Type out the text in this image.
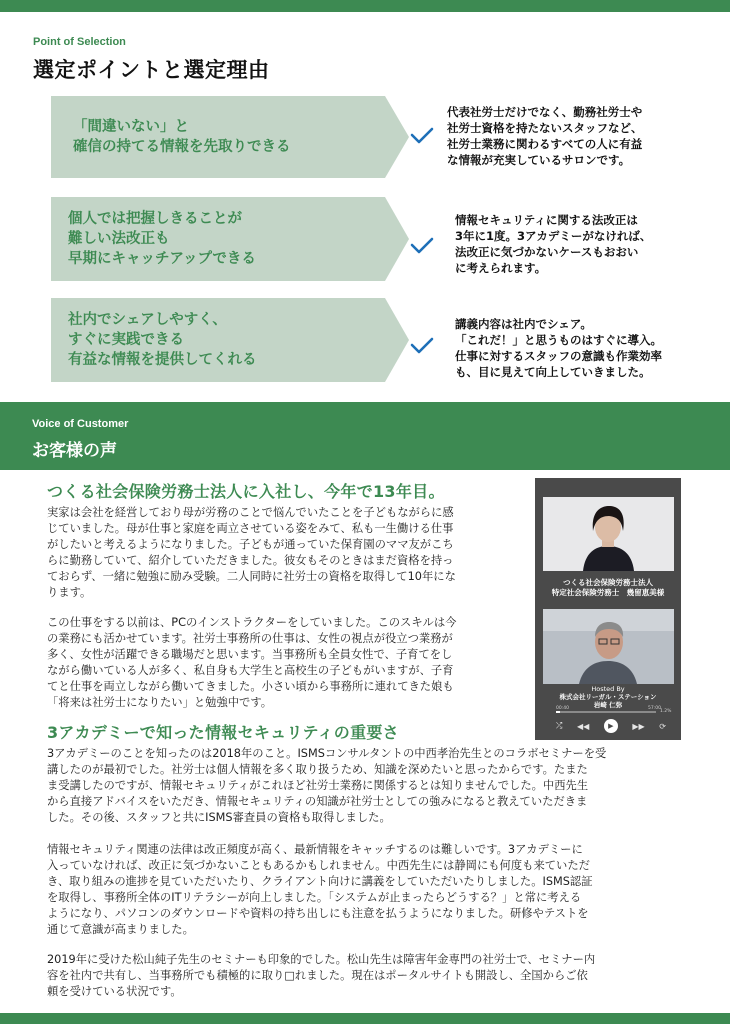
Point of Selection
選定ポイントと選定理由
「間違いない」と
確信の持てる情報を先取りできる
代表社労士だけでなく、勤務社労士や
社労士資格を持たないスタッフなど、
社労士業務に関わるすべての人に有益
な情報が充実しているサロンです。
個人では把握しきることが
難しい法改正も
早期にキャッチアップできる
情報セキュリティに関する法改正は
3年に1度。3アカデミーがなければ、
法改正に気づかないケースもおおい
に考えられます。
社内でシェアしやすく、
すぐに実践できる
有益な情報を提供してくれる
講義内容は社内でシェア。
「これだ！」と思うものはすぐに導入。
仕事に対するスタッフの意識も作業効率
も、目に見えて向上していきました。
Voice of Customer
お客様の声
つくる社会保険労務士法人に入社し、今年で13年目。
実家は会社を経営しており母が労務のことで悩んでいたことを子どもながらに感
じていました。母が仕事と家庭を両立させている姿をみて、私も一生働ける仕事
がしたいと考えるようになりました。子どもが通っていた保育園のママ友がこち
らに勤務していて、紹介していただきました。彼女もそのときはまだ資格を持っ
ておらず、一緒に勉強に励み受験。二人同時に社労士の資格を取得して10年にな
ります。
この仕事をする以前は、PCのインストラクターをしていました。このスキルは今
の業務にも活かせています。社労士事務所の仕事は、女性の視点が役立つ業務が
多く、女性が活躍できる職場だと思います。当事務所も全員女性で、子育てをし
ながら働いている人が多く、私自身も大学生と高校生の子どもがいますが、子育
てと仕事を両立しながら働いてきました。小さい頃から事務所に連れてきた娘も
「将来は社労士になりたい」と勉強中です。
3アカデミーで知った情報セキュリティの重要さ
3アカデミーのことを知ったのは2018年のこと。ISMSコンサルタントの中西孝治先生とのコラボセミナーを受
講したのが最初でした。社労士は個人情報を多く取り扱うため、知識を深めたいと思ったからです。たまた
ま受講したのですが、情報セキュリティがこれほど社労士業務に関係するとは知りませんでした。中西先生
から直接アドバイスをいただき、情報セキュリティの知識が社労士としての強みになると教えていただきま
した。その後、スタッフと共にISMS審査員の資格も取得しました。
情報セキュリティ関連の法律は改正頻度が高く、最新情報をキャッチするのは難しいです。3アカデミーに
入っていなければ、改正に気づかないこともあるかもしれません。中西先生には静岡にも何度も来ていただ
き、取り組みの進捗を見ていただいたり、クライアント向けに講義をしていただいたりしました。ISMS認証
を取得し、事務所全体のITリテラシーが向上しました。「システムが止まったらどうする？」と常に考える
ようになり、パソコンのダウンロードや資料の持ち出しにも注意を払うようになりました。研修やテストを
通じて意識が高まりました。
2019年に受けた松山純子先生のセミナーも印象的でした。松山先生は障害年金専門の社労士で、セミナー内
容を社内で共有し、当事務所でも積極的に取り□れました。現在はポータルサイトも開設し、全国からご依
頼を受けている状況です。
つくる社会保険労務士法人
特定社会保険労務士　幾留恵美様
Hosted By
株式会社リーガル・ステーション
岩崎 仁弥
00:40	57:00
1.2%
⤮ ◀◀	▶	▶▶ ⟳
